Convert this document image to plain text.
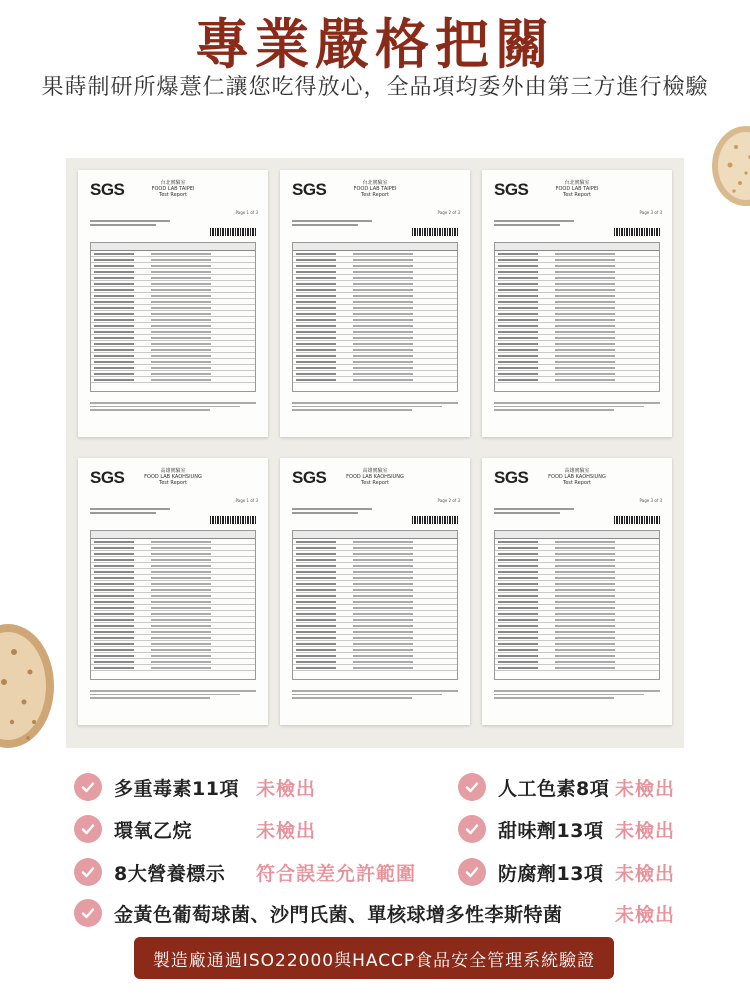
專業嚴格把關
果蒔制研所爆薏仁讓您吃得放心，全品項均委外由第三方進行檢驗
SGS	台北實驗室
FOOD LAB TAIPEI
Test Report
Page 1 of 3
SGS	台北實驗室
FOOD LAB TAIPEI
Test Report
Page 2 of 3
SGS	台北實驗室
FOOD LAB TAIPEI
Test Report
Page 3 of 3
SGS	高雄實驗室
FOOD LAB KAOHSIUNG
Test Report
Page 1 of 3
SGS	高雄實驗室
FOOD LAB KAOHSIUNG
Test Report
Page 2 of 3
SGS	高雄實驗室
FOOD LAB KAOHSIUNG
Test Report
Page 3 of 3
多重毒素11項 未檢出
環氧乙烷	未檢出
8大營養標示 符合誤差允許範圍
金黃色葡萄球菌、沙門氏菌、單核球增多性李斯特菌	未檢出
人工色素8項 未檢出
甜味劑13項 未檢出
防腐劑13項 未檢出
製造廠通過ISO22000與HACCP食品安全管理系統驗證
